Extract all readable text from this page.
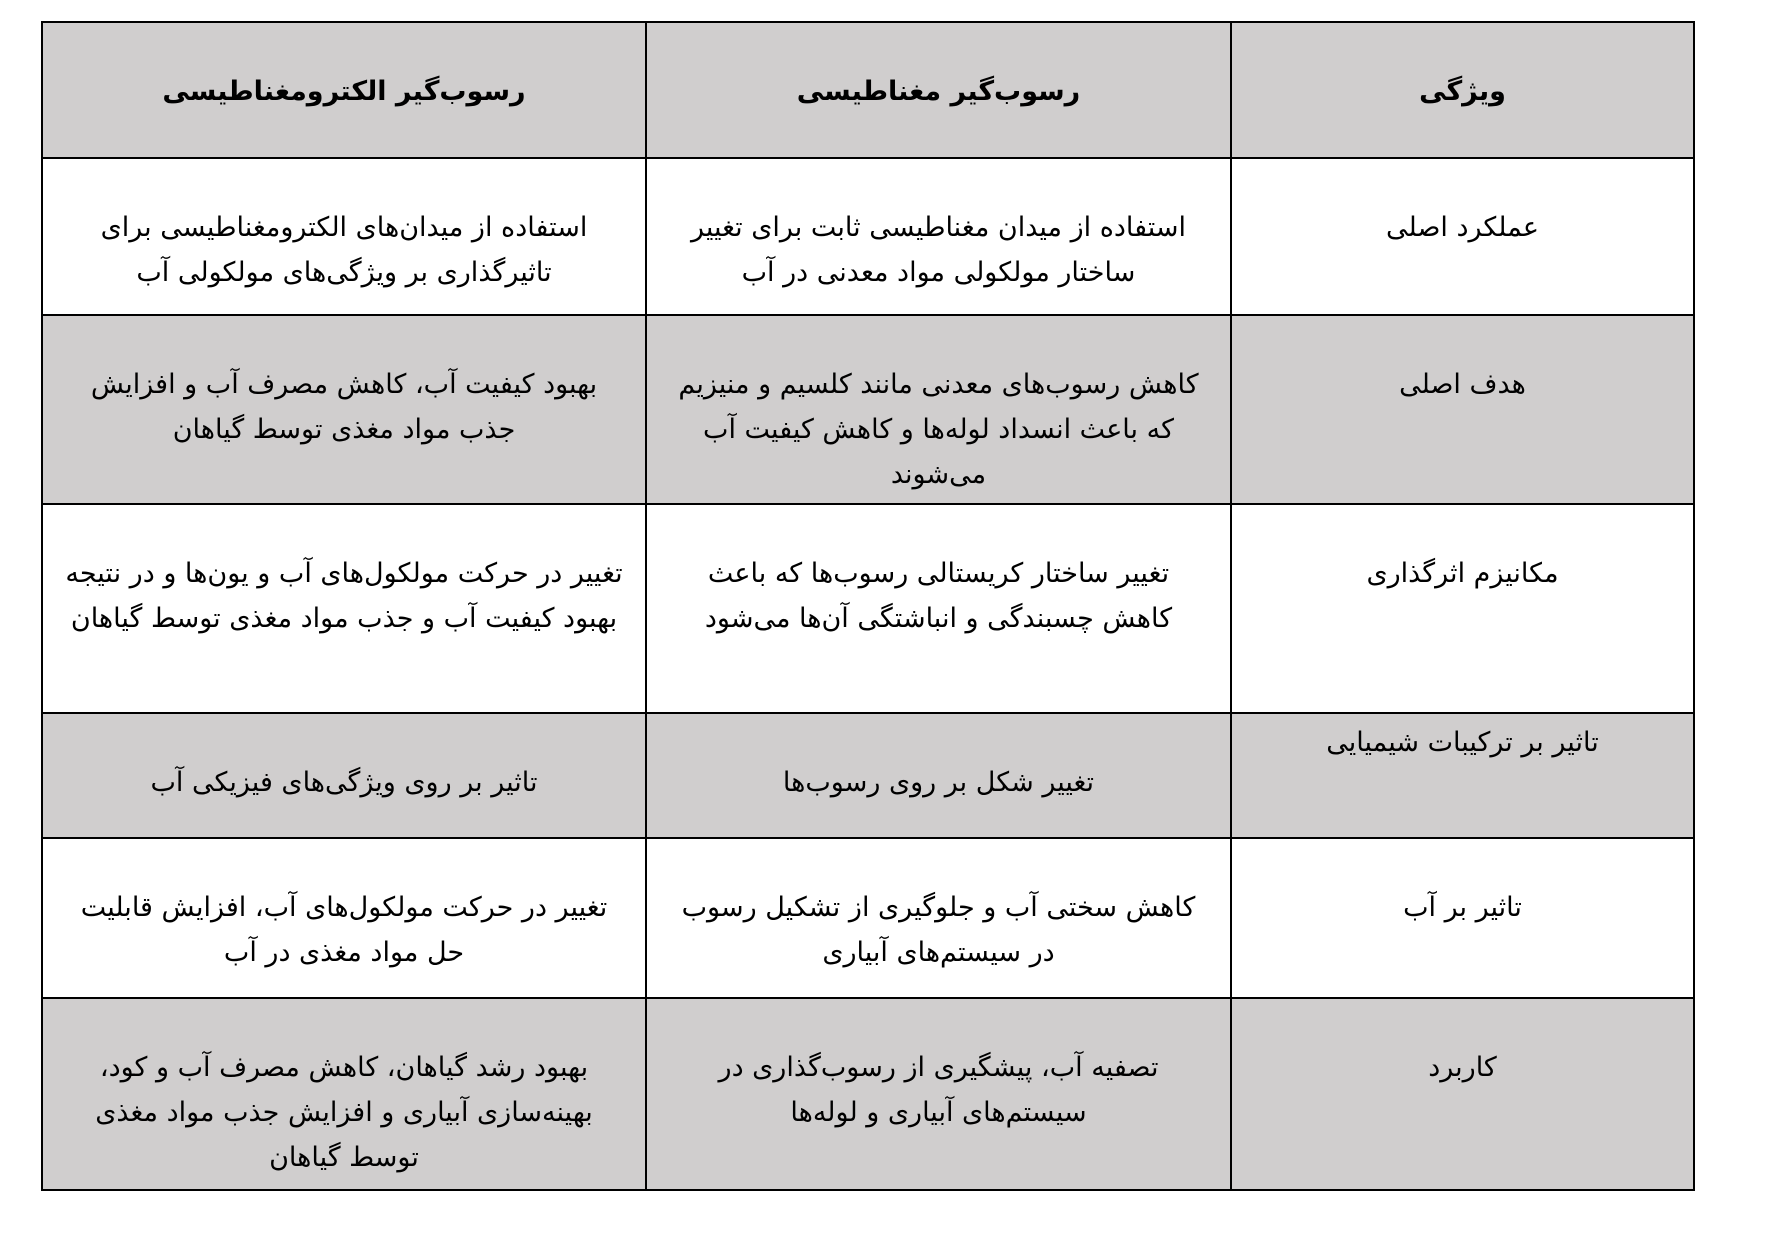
ویژگی	رسوب‌گیر مغناطیسی	رسوب‌گیر الکترومغناطیسی
عملکرد اصلی	استفاده از میدان مغناطیسی ثابت برای تغییر ساختار مولکولی مواد معدنی در آب	استفاده از میدان‌های الکترومغناطیسی برای تاثیرگذاری بر ویژگی‌های مولکولی آب
هدف اصلی	کاهش رسوب‌های معدنی مانند کلسیم و منیزیم که باعث انسداد لوله‌ها و کاهش کیفیت آب می‌شوند	بهبود کیفیت آب، کاهش مصرف آب و افزایش جذب مواد مغذی توسط گیاهان
مکانیزم اثرگذاری	تغییر ساختار کریستالی رسوب‌ها که باعث کاهش چسبندگی و انباشتگی آن‌ها می‌شود	تغییر در حرکت مولکول‌های آب و یون‌ها و در نتیجه بهبود کیفیت آب و جذب مواد مغذی توسط گیاهان
تاثیر بر ترکیبات شیمیایی	تغییر شکل بر روی رسوب‌ها	تاثیر بر روی ویژگی‌های فیزیکی آب
تاثیر بر آب	کاهش سختی آب و جلوگیری از تشکیل رسوب در سیستم‌های آبیاری	تغییر در حرکت مولکول‌های آب، افزایش قابلیت حل مواد مغذی در آب
کاربرد	تصفیه آب، پیشگیری از رسوب‌گذاری در سیستم‌های آبیاری و لوله‌ها	بهبود رشد گیاهان، کاهش مصرف آب و کود، بهینه‌سازی آبیاری و افزایش جذب مواد مغذی توسط گیاهان
